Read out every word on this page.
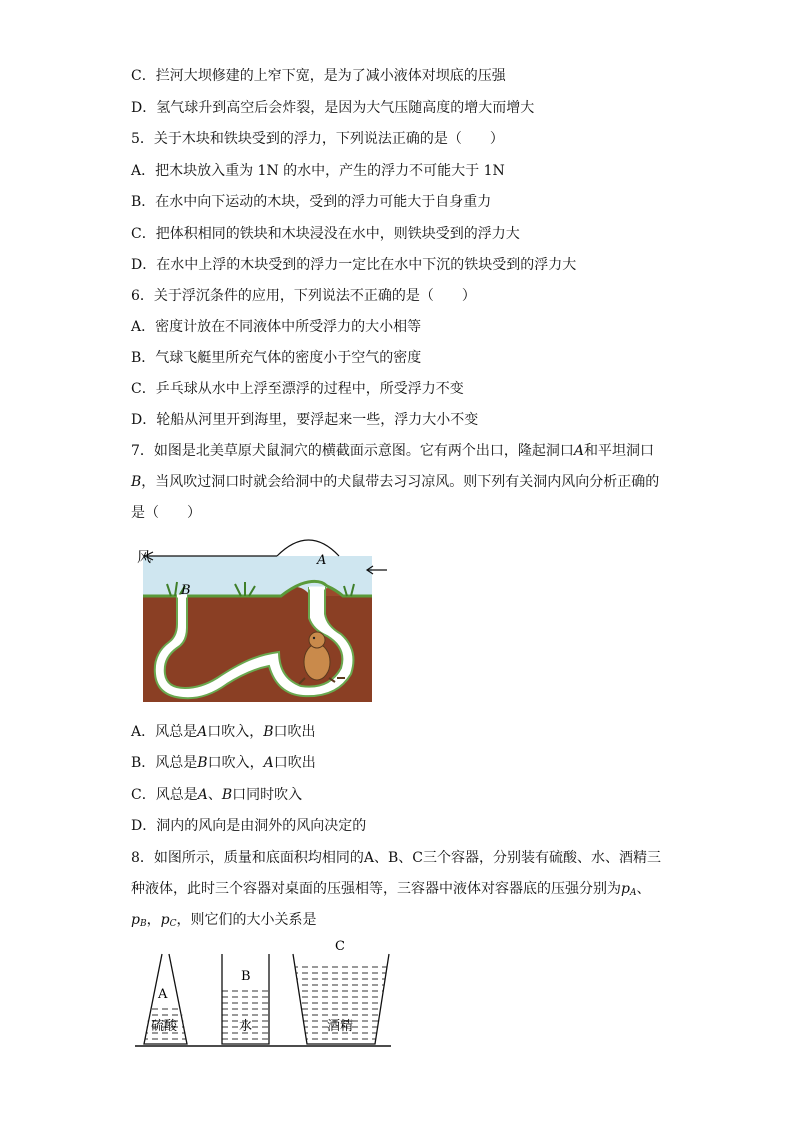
C．拦河大坝修建的上窄下宽，是为了减小液体对坝底的压强

D．氢气球升到高空后会炸裂，是因为大气压随高度的增大而增大

5．关于木块和铁块受到的浮力，下列说法正确的是（　　）

A．把木块放入重为 1N 的水中，产生的浮力不可能大于 1N

B．在水中向下运动的木块，受到的浮力可能大于自身重力

C．把体积相同的铁块和木块浸没在水中，则铁块受到的浮力大

D．在水中上浮的木块受到的浮力一定比在水中下沉的铁块受到的浮力大

6．关于浮沉条件的应用，下列说法不正确的是（　　）

A．密度计放在不同液体中所受浮力的大小相等

B．气球飞艇里所充气体的密度小于空气的密度

C．乒乓球从水中上浮至漂浮的过程中，所受浮力不变

D．轮船从河里开到海里，要浮起来一些，浮力大小不变

7．如图是北美草原犬鼠洞穴的横截面示意图。它有两个出口，隆起洞口A和平坦洞口

B，当风吹过洞口时就会给洞中的犬鼠带去习习凉风。则下列有关洞内风向分析正确的

是（　　）

风	A
B

A．风总是A口吹入，B口吹出

B．风总是B口吹入，A口吹出

C．风总是A、B口同时吹入

D．洞内的风向是由洞外的风向决定的

8．如图所示，质量和底面积均相同的A、B、C三个容器，分别装有硫酸、水、酒精三

种液体，此时三个容器对桌面的压强相等，三容器中液体对容器底的压强分别为$p_A$、

$p_B$，$p_C$，则它们的大小关系是

A
硫酸
B
水
C
酒精
